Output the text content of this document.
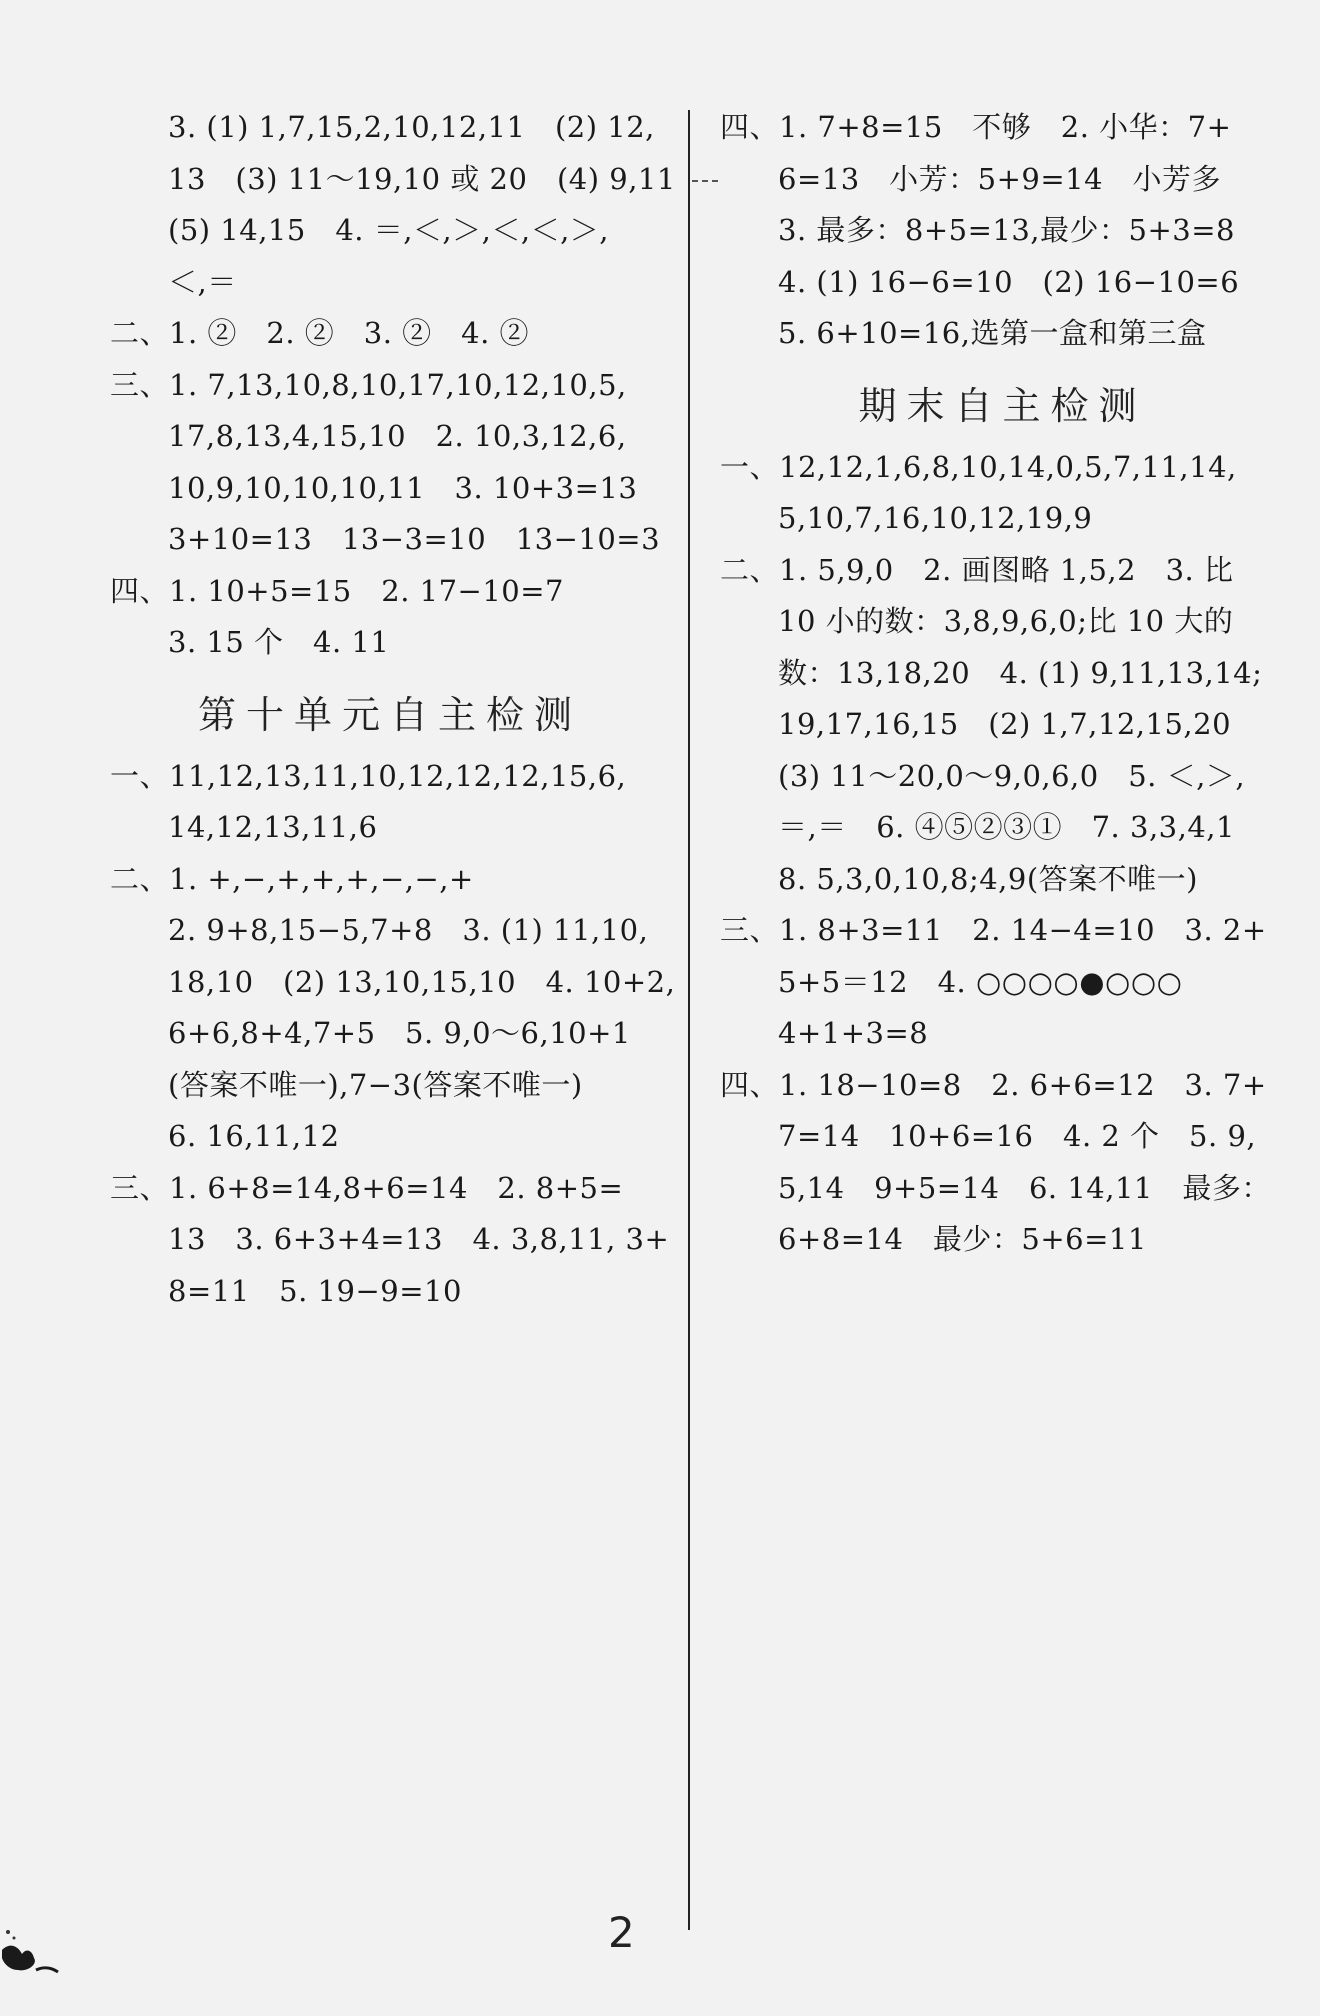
3. (1) 1,7,15,2,10,12,11　(2) 12,
13　(3) 11～19,10 或 20　(4) 9,11
(5) 14,15　4. ＝,＜,＞,＜,＜,＞,
＜,＝
二、1. ②　2. ②　3. ②　4. ②
三、1. 7,13,10,8,10,17,10,12,10,5,
17,8,13,4,15,10　2. 10,3,12,6,
10,9,10,10,10,11　3. 10+3=13
3+10=13　13−3=10　13−10=3
四、1. 10+5=15　2. 17−10=7
3. 15 个　4. 11
第十单元自主检测
一、11,12,13,11,10,12,12,12,15,6,
14,12,13,11,6
二、1. +,−,+,+,+,−,−,+
2. 9+8,15−5,7+8　3. (1) 11,10,
18,10　(2) 13,10,15,10　4. 10+2,
6+6,8+4,7+5　5. 9,0～6,10+1
(答案不唯一),7−3(答案不唯一)
6. 16,11,12
三、1. 6+8=14,8+6=14　2. 8+5=
13　3. 6+3+4=13　4. 3,8,11, 3+
8=11　5. 19−9=10
四、1. 7+8=15　不够　2. 小华：7+
6=13　小芳：5+9=14　小芳多
3. 最多：8+5=13,最少：5+3=8
4. (1) 16−6=10　(2) 16−10=6
5. 6+10=16,选第一盒和第三盒
期末自主检测
一、12,12,1,6,8,10,14,0,5,7,11,14,
5,10,7,16,10,12,19,9
二、1. 5,9,0　2. 画图略 1,5,2　3. 比
10 小的数：3,8,9,6,0;比 10 大的
数：13,18,20　4. (1) 9,11,13,14;
19,17,16,15　(2) 1,7,12,15,20
(3) 11～20,0～9,0,6,0　5. ＜,＞,
＝,＝　6. ④⑤②③①　7. 3,3,4,1
8. 5,3,0,10,8;4,9(答案不唯一)
三、1. 8+3=11　2. 14−4=10　3. 2+
5+5＝12　4. ○○○○●○○○
4+1+3=8
四、1. 18−10=8　2. 6+6=12　3. 7+
7=14　10+6=16　4. 2 个　5. 9,
5,14　9+5=14　6. 14,11　最多：
6+8=14　最少：5+6=11
2
